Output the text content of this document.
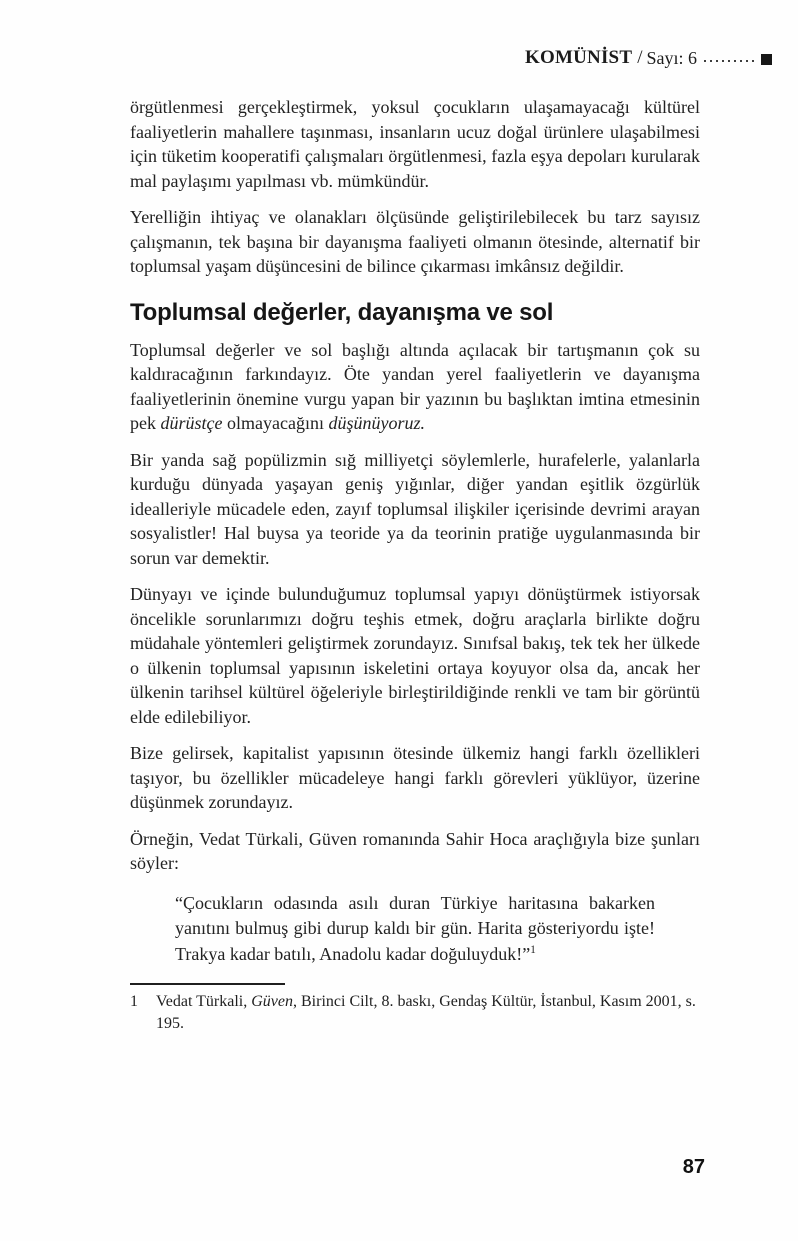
KOMÜNİST / Sayı: 6

örgütlenmesi gerçekleştirmek, yoksul çocukların ulaşamayacağı kültürel faaliyetlerin mahallere taşınması, insanların ucuz doğal ürünlere ulaşabilmesi için tüketim kooperatifi çalışmaları örgütlenmesi, fazla eşya depoları kurularak mal paylaşımı yapılması vb. mümkündür.

Yerelliğin ihtiyaç ve olanakları ölçüsünde geliştirilebilecek bu tarz sayısız çalışmanın, tek başına bir dayanışma faaliyeti olmanın ötesinde, alternatif bir toplumsal yaşam düşüncesini de bilince çıkarması imkânsız değildir.

Toplumsal değerler, dayanışma ve sol

Toplumsal değerler ve sol başlığı altında açılacak bir tartışmanın çok su kaldıracağının farkındayız. Öte yandan yerel faaliyetlerin ve dayanışma faaliyetlerinin önemine vurgu yapan bir yazının bu başlıktan imtina etmesinin pek dürüstçe olmayacağını düşünüyoruz.

Bir yanda sağ popülizmin sığ milliyetçi söylemlerle, hurafelerle, yalanlarla kurduğu dünyada yaşayan geniş yığınlar, diğer yandan eşitlik özgürlük idealleriyle mücadele eden, zayıf toplumsal ilişkiler içerisinde devrimi arayan sosyalistler! Hal buysa ya teoride ya da teorinin pratiğe uygulanmasında bir sorun var demektir.

Dünyayı ve içinde bulunduğumuz toplumsal yapıyı dönüştürmek istiyorsak öncelikle sorunlarımızı doğru teşhis etmek, doğru araçlarla birlikte doğru müdahale yöntemleri geliştirmek zorundayız. Sınıfsal bakış, tek tek her ülkede o ülkenin toplumsal yapısının iskeletini ortaya koyuyor olsa da, ancak her ülkenin tarihsel kültürel öğeleriyle birleştirildiğinde renkli ve tam bir görüntü elde edilebiliyor.

Bize gelirsek, kapitalist yapısının ötesinde ülkemiz hangi farklı özellikleri taşıyor, bu özellikler mücadeleye hangi farklı görevleri yüklüyor, üzerine düşünmek zorundayız.

Örneğin, Vedat Türkali, Güven romanında Sahir Hoca araçlığıyla bize şunları söyler:

“Çocukların odasında asılı duran Türkiye haritasına bakarken yanıtını bulmuş gibi durup kaldı bir gün. Harita gösteriyordu işte! Trakya kadar batılı, Anadolu kadar doğuluyduk!”$^1$

1	Vedat Türkali, Güven, Birinci Cilt, 8. baskı, Gendaş Kültür, İstanbul, Kasım 2001, s. 195.
87
